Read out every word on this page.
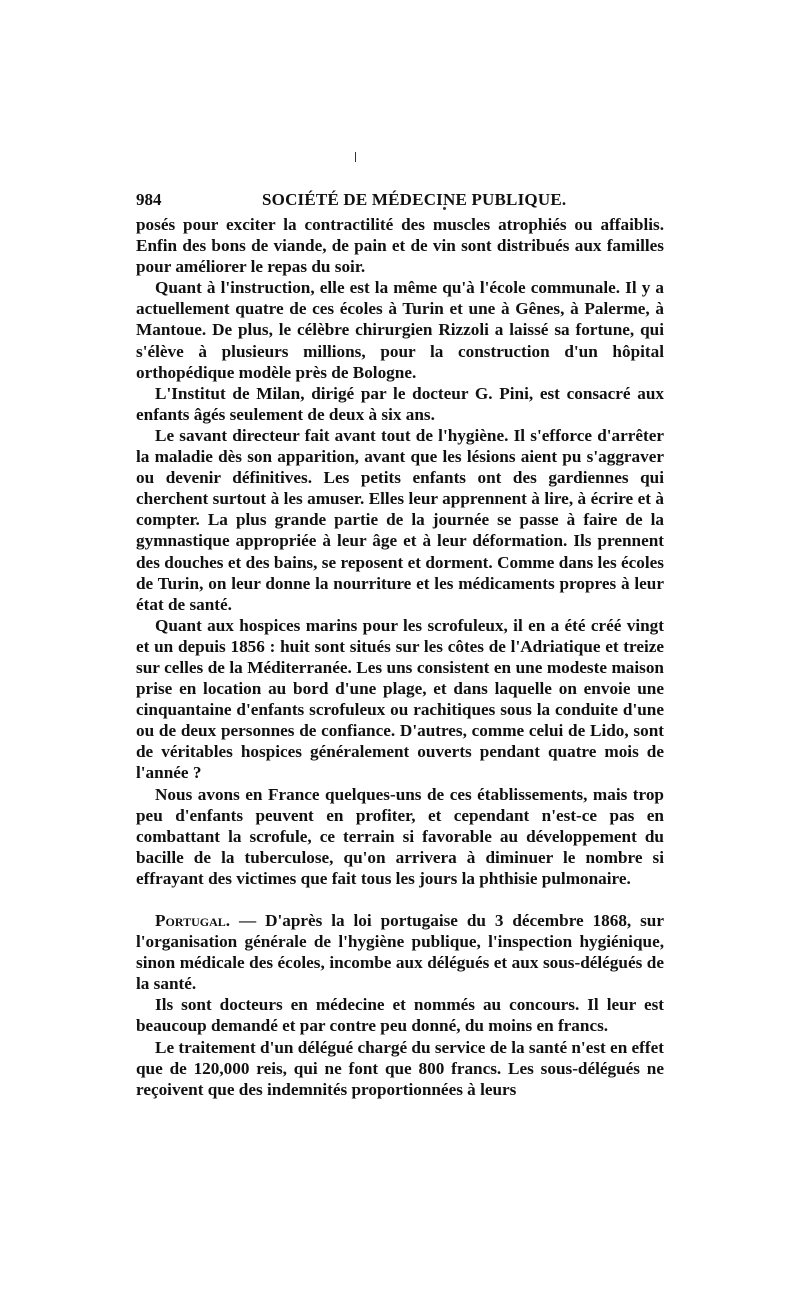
984	SOCIÉTÉ DE MÉDECINE PUBLIQUE.

posés pour exciter la contractilité des muscles atrophiés ou affaiblis. Enfin des bons de viande, de pain et de vin sont distribués aux familles pour améliorer le repas du soir.

Quant à l'instruction, elle est la même qu'à l'école communale. Il y a actuellement quatre de ces écoles à Turin et une à Gênes, à Palerme, à Mantoue. De plus, le célèbre chirurgien Rizzoli a laissé sa fortune, qui s'élève à plusieurs millions, pour la construction d'un hôpital orthopédique modèle près de Bologne.

L'Institut de Milan, dirigé par le docteur G. Pini, est consacré aux enfants âgés seulement de deux à six ans.

Le savant directeur fait avant tout de l'hygiène. Il s'efforce d'arrêter la maladie dès son apparition, avant que les lésions aient pu s'aggraver ou devenir définitives. Les petits enfants ont des gardiennes qui cherchent surtout à les amuser. Elles leur apprennent à lire, à écrire et à compter. La plus grande partie de la journée se passe à faire de la gymnastique appropriée à leur âge et à leur déformation. Ils prennent des douches et des bains, se reposent et dorment. Comme dans les écoles de Turin, on leur donne la nourriture et les médicaments propres à leur état de santé.

Quant aux hospices marins pour les scrofuleux, il en a été créé vingt et un depuis 1856 : huit sont situés sur les côtes de l'Adriatique et treize sur celles de la Méditerranée. Les uns consistent en une modeste maison prise en location au bord d'une plage, et dans laquelle on envoie une cinquantaine d'enfants scrofuleux ou rachitiques sous la conduite d'une ou de deux personnes de confiance. D'autres, comme celui de Lido, sont de véritables hospices généralement ouverts pendant quatre mois de l'année ?

Nous avons en France quelques-uns de ces établissements, mais trop peu d'enfants peuvent en profiter, et cependant n'est-ce pas en combattant la scrofule, ce terrain si favorable au développement du bacille de la tuberculose, qu'on arrivera à diminuer le nombre si effrayant des victimes que fait tous les jours la phthisie pulmonaire.

Portugal. — D'après la loi portugaise du 3 décembre 1868, sur l'organisation générale de l'hygiène publique, l'inspection hygiénique, sinon médicale des écoles, incombe aux délégués et aux sous-délégués de la santé.

Ils sont docteurs en médecine et nommés au concours. Il leur est beaucoup demandé et par contre peu donné, du moins en francs.

Le traitement d'un délégué chargé du service de la santé n'est en effet que de 120,000 reis, qui ne font que 800 francs. Les sous-délégués ne reçoivent que des indemnités proportionnées à leurs
